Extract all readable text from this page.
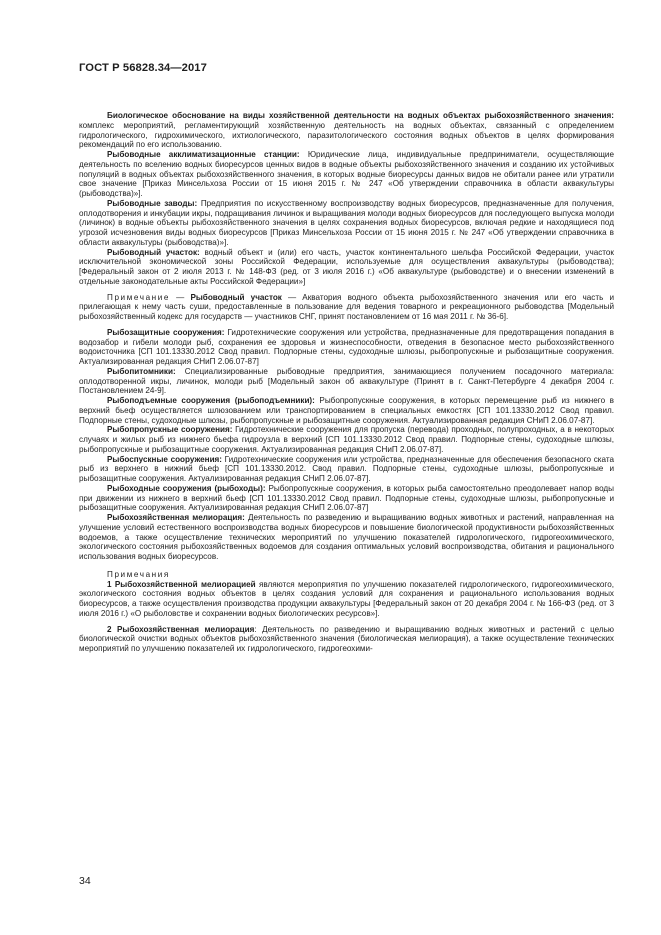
ГОСТ Р 56828.34—2017

Биологическое обоснование на виды хозяйственной деятельности на водных объектах рыбохозяйственного значения: комплекс мероприятий, регламентирующий хозяйственную деятельность на водных объектах, связанный с определением гидрологического, гидрохимического, ихтиологического, паразитологического состояния водных объектов в целях формирования рекомендаций по его использованию.

Рыбоводные акклиматизационные станции: Юридические лица, индивидуальные предприниматели, осуществляющие деятельность по вселению водных биоресурсов ценных видов в водные объекты рыбохозяйственного значения и созданию их устойчивых популяций в водных объектах рыбохозяйственного значения, в которых водные биоресурсы данных видов не обитали ранее или утратили свое значение [Приказ Минсельхоза России от 15 июня 2015 г. № 247 «Об утверждении справочника в области аквакультуры (рыбоводства)»].

Рыбоводные заводы: Предприятия по искусственному воспроизводству водных биоресурсов, предназначенные для получения, оплодотворения и инкубации икры, подращивания личинок и выращивания молоди водных биоресурсов для последующего выпуска молоди (личинок) в водные объекты рыбохозяйственного значения в целях сохранения водных биоресурсов, включая редкие и находящиеся под угрозой исчезновения виды водных биоресурсов [Приказ Минсельхоза России от 15 июня 2015 г. № 247 «Об утверждении справочника в области аквакультуры (рыбоводства)»].

Рыбоводный участок: водный объект и (или) его часть, участок континентального шельфа Российской Федерации, участок исключительной экономической зоны Российской Федерации, используемые для осуществления аквакультуры (рыбоводства); [Федеральный закон от 2 июля 2013 г. № 148-ФЗ (ред. от 3 июля 2016 г.) «Об аквакультуре (рыбоводстве) и о внесении изменений в отдельные законодательные акты Российской Федерации»]

Примечание — Рыбоводный участок — Акватория водного объекта рыбохозяйственного значения или его часть и прилегающая к нему часть суши, предоставленные в пользование для ведения товарного и рекреационного рыбоводства [Модельный рыбохозяйственный кодекс для государств — участников СНГ, принят постановлением от 16 мая 2011 г. № 36-6].

Рыбозащитные сооружения: Гидротехнические сооружения или устройства, предназначенные для предотвращения попадания в водозабор и гибели молоди рыб, сохранения ее здоровья и жизнеспособности, отведения в безопасное место рыбохозяйственного водоисточника [СП 101.13330.2012 Свод правил. Подпорные стены, судоходные шлюзы, рыбопропускные и рыбозащитные сооружения. Актуализированная редакция СНиП 2.06.07-87]

Рыбопитомники: Специализированные рыбоводные предприятия, занимающиеся получением посадочного материала: оплодотворенной икры, личинок, молоди рыб [Модельный закон об аквакультуре (Принят в г. Санкт-Петербурге 4 декабря 2004 г. Постановлением 24-9].

Рыбоподъемные сооружения (рыбоподъемники): Рыбопропускные сооружения, в которых перемещение рыб из нижнего в верхний бьеф осуществляется шлюзованием или транспортированием в специальных емкостях [СП 101.13330.2012 Свод правил. Подпорные стены, судоходные шлюзы, рыбопропускные и рыбозащитные сооружения. Актуализированная редакция СНиП 2.06.07-87].

Рыбопропускные сооружения: Гидротехнические сооружения для пропуска (перевода) проходных, полупроходных, а в некоторых случаях и жилых рыб из нижнего бьефа гидроузла в верхний [СП 101.13330.2012 Свод правил. Подпорные стены, судоходные шлюзы, рыбопропускные и рыбозащитные сооружения. Актуализированная редакция СНиП 2.06.07-87].

Рыбоспускные сооружения: Гидротехнические сооружения или устройства, предназначенные для обеспечения безопасного ската рыб из верхнего в нижний бьеф [СП 101.13330.2012. Свод правил. Подпорные стены, судоходные шлюзы, рыбопропускные и рыбозащитные сооружения. Актуализированная редакция СНиП 2.06.07-87].

Рыбоходные сооружения (рыбоходы): Рыбопропускные сооружения, в которых рыба самостоятельно преодолевает напор воды при движении из нижнего в верхний бьеф [СП 101.13330.2012 Свод правил. Подпорные стены, судоходные шлюзы, рыбопропускные и рыбозащитные сооружения. Актуализированная редакция СНиП 2.06.07-87]

Рыбохозяйственная мелиорация: Деятельность по разведению и выращиванию водных животных и растений, направленная на улучшение условий естественного воспроизводства водных биоресурсов и повышение биологической продуктивности рыбохозяйственных водоемов, а также осуществление технических мероприятий по улучшению показателей гидрологического, гидрогеохимического, экологического состояния рыбохозяйственных водоемов для создания оптимальных условий воспроизводства, обитания и рационального использования водных биоресурсов.

Примечания

1 Рыбохозяйственной мелиорацией являются мероприятия по улучшению показателей гидрологического, гидрогеохимического, экологического состояния водных объектов в целях создания условий для сохранения и рационального использования водных биоресурсов, а также осуществления производства продукции аквакультуры [Федеральный закон от 20 декабря 2004 г. № 166-ФЗ (ред. от 3 июля 2016 г.) «О рыболовстве и сохранении водных биологических ресурсов»].

2 Рыбохозяйственная мелиорация: Деятельность по разведению и выращиванию водных животных и растений с целью биологической очистки водных объектов рыбохозяйственного значения (биологическая мелиорация), а также осуществление технических мероприятий по улучшению показателей их гидрологического, гидрогеохими-

34
